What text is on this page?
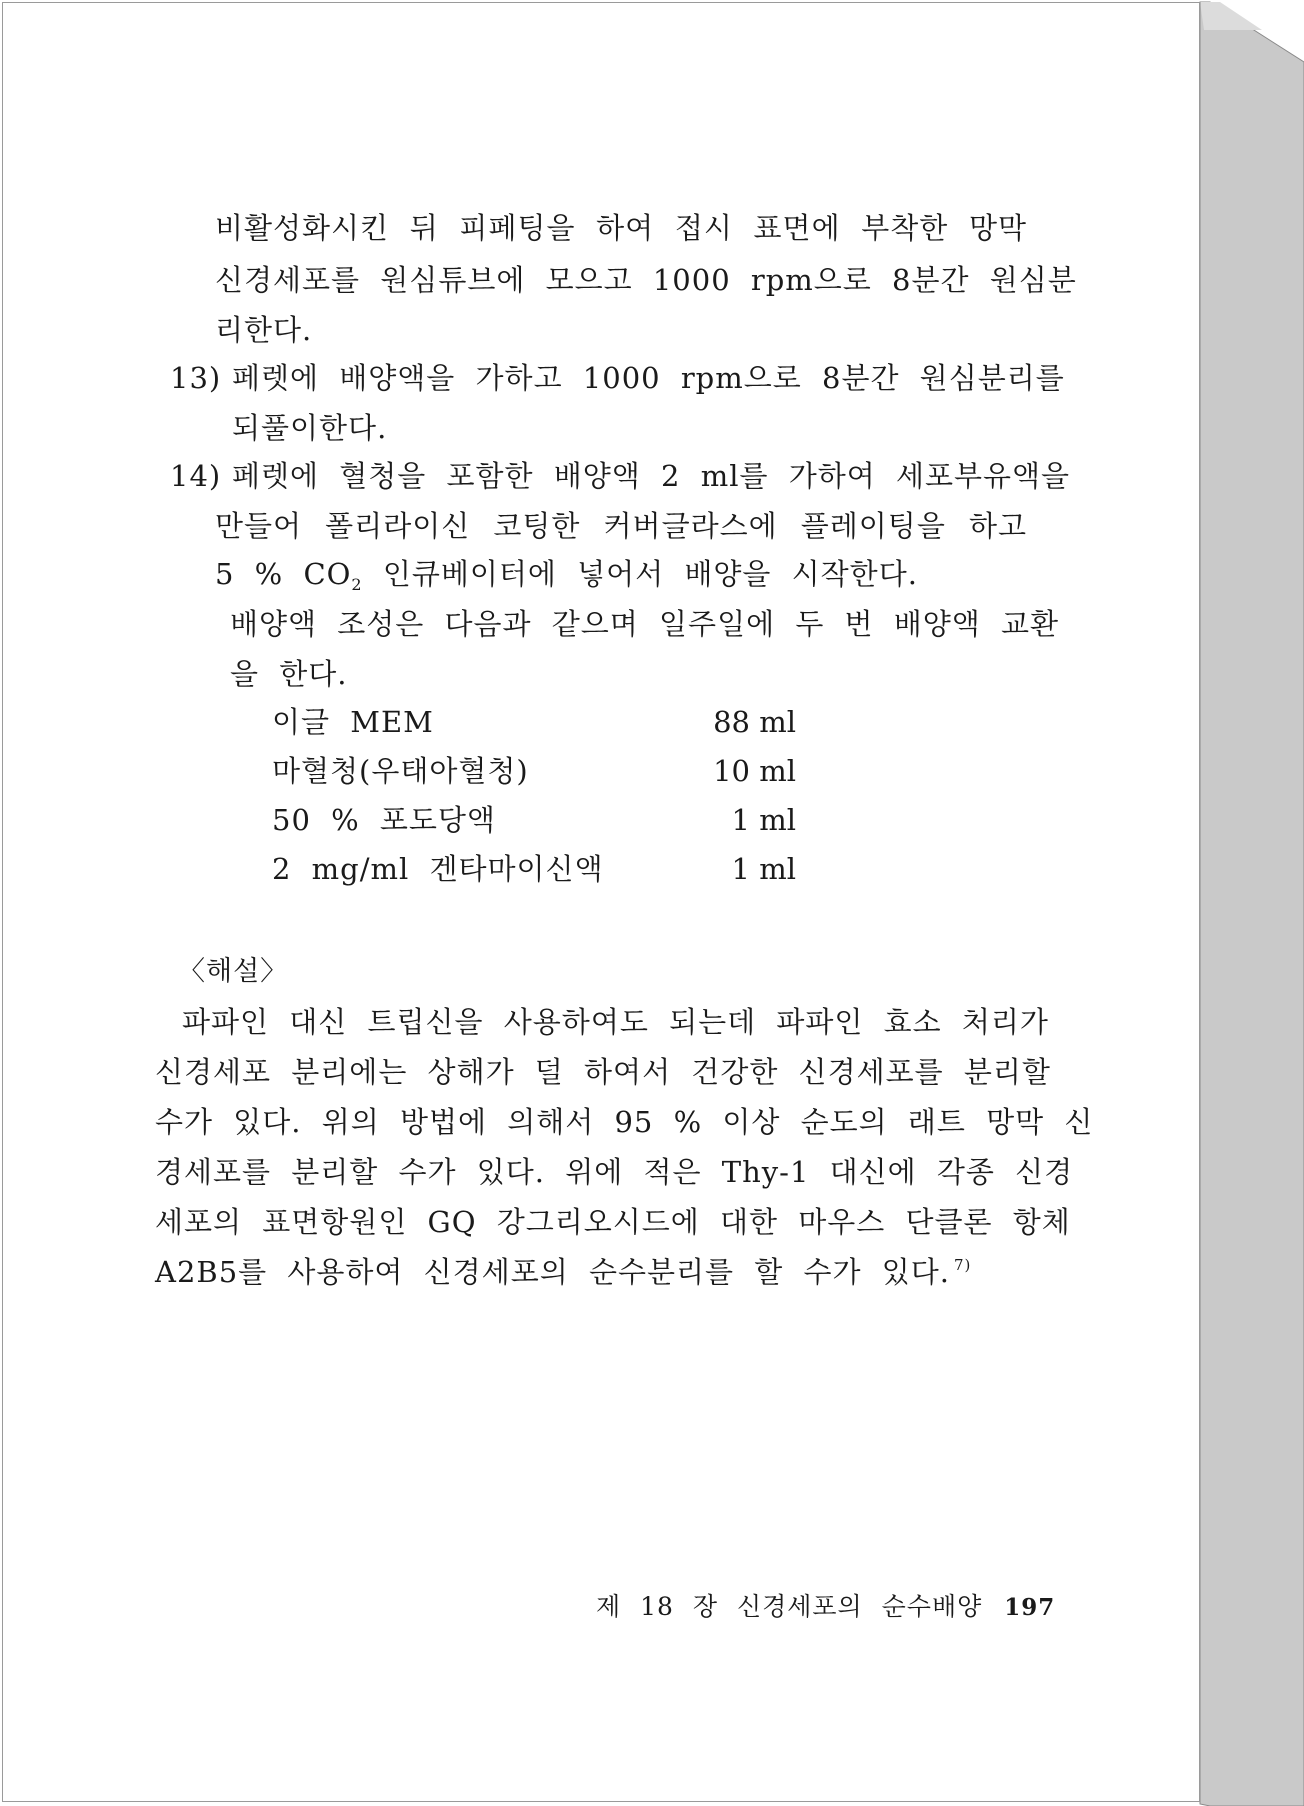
비활성화시킨 뒤 피페팅을 하여 접시 표면에 부착한 망막
신경세포를 원심튜브에 모으고 1000 rpm으로 8분간 원심분
리한다.
13) 페렛에 배양액을 가하고 1000 rpm으로 8분간 원심분리를
되풀이한다.
14) 페렛에 혈청을 포함한 배양액 2 ml를 가하여 세포부유액을
만들어 폴리라이신 코팅한 커버글라스에 플레이팅을 하고
5 % $CO_2$ 인큐베이터에 넣어서 배양을 시작한다.
배양액 조성은 다음과 같으며 일주일에 두 번 배양액 교환
을 한다.
이글 MEM	88 ml
마혈청(우태아혈청)	10 ml
50 % 포도당액	1 ml
2 mg/ml 겐타마이신액	1 ml
〈해설〉
파파인 대신 트립신을 사용하여도 되는데 파파인 효소 처리가
신경세포 분리에는 상해가 덜 하여서 건강한 신경세포를 분리할
수가 있다. 위의 방법에 의해서 95 % 이상 순도의 래트 망막 신
경세포를 분리할 수가 있다. 위에 적은 Thy-1 대신에 각종 신경
세포의 표면항원인 GQ 강그리오시드에 대한 마우스 단클론 항체
A2B5를 사용하여 신경세포의 순수분리를 할 수가 있다. $^{7)}$
제 18 장 신경세포의 순수배양 197
